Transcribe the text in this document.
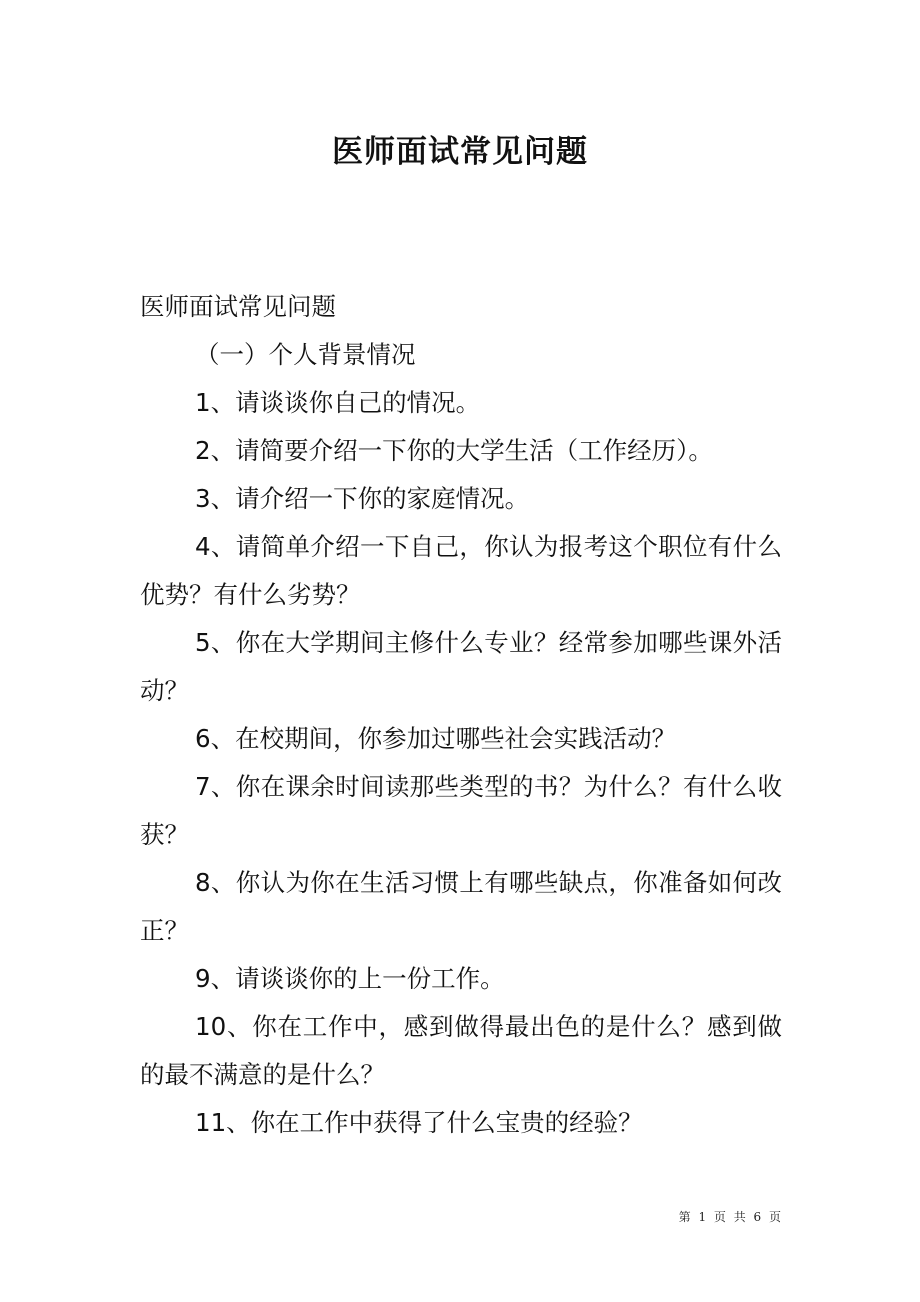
医师面试常见问题

医师面试常见问题

（一）个人背景情况

1、请谈谈你自己的情况。

2、请简要介绍一下你的大学生活（工作经历）。

3、请介绍一下你的家庭情况。

4、请简单介绍一下自己，你认为报考这个职位有什么优势？有什么劣势？

5、你在大学期间主修什么专业？经常参加哪些课外活动？

6、在校期间，你参加过哪些社会实践活动？

7、你在课余时间读那些类型的书？为什么？有什么收获？

8、你认为你在生活习惯上有哪些缺点，你准备如何改正？

9、请谈谈你的上一份工作。

10、你在工作中，感到做得最出色的是什么？感到做的最不满意的是什么？

11、你在工作中获得了什么宝贵的经验？

第 1 页 共 6 页
